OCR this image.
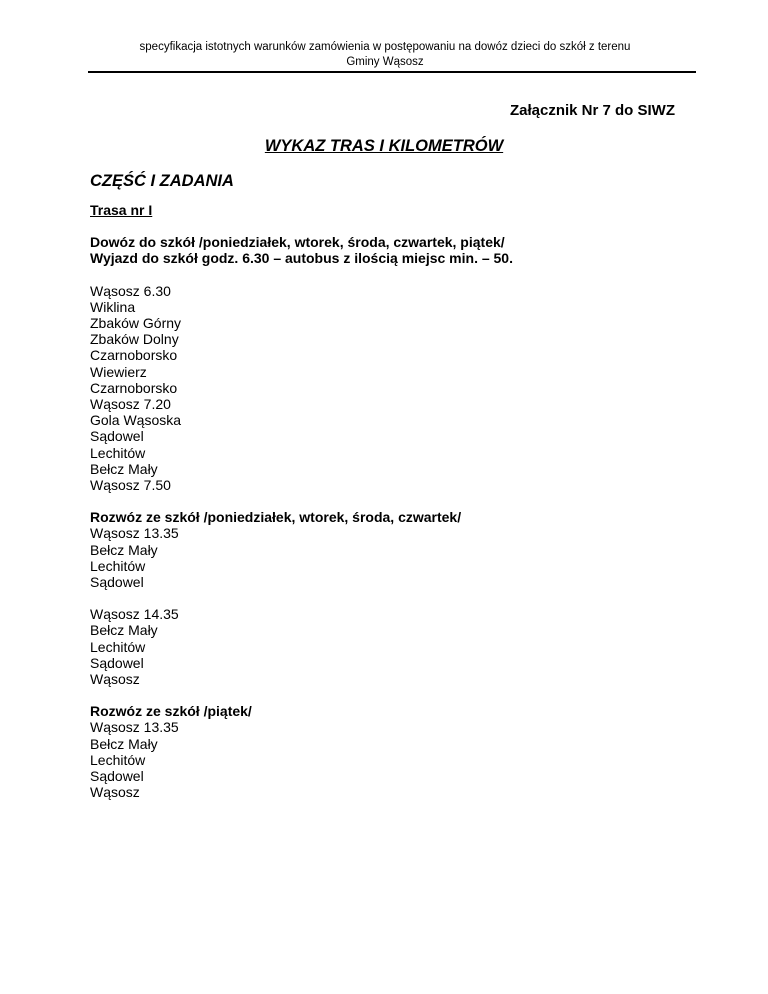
specyfikacja istotnych warunków zamówienia w postępowaniu na dowóz dzieci do szkół z terenu
Gminy Wąsosz
Załącznik Nr 7 do SIWZ
WYKAZ TRAS I KILOMETRÓW
CZĘŚĆ I ZADANIA
Trasa nr I
Dowóz do szkół /poniedziałek, wtorek, środa, czwartek, piątek/
Wyjazd do szkół godz. 6.30 – autobus z ilością miejsc min. – 50.
Wąsosz 6.30
Wiklina
Zbaków Górny
Zbaków Dolny
Czarnoborsko
Wiewierz
Czarnoborsko
Wąsosz 7.20
Gola Wąsoska
Sądowel
Lechitów
Bełcz Mały
Wąsosz 7.50
Rozwóz ze szkół /poniedziałek, wtorek, środa, czwartek/
Wąsosz 13.35
Bełcz Mały
Lechitów
Sądowel
Wąsosz 14.35
Bełcz Mały
Lechitów
Sądowel
Wąsosz
Rozwóz ze szkół /piątek/
Wąsosz 13.35
Bełcz Mały
Lechitów
Sądowel
Wąsosz
